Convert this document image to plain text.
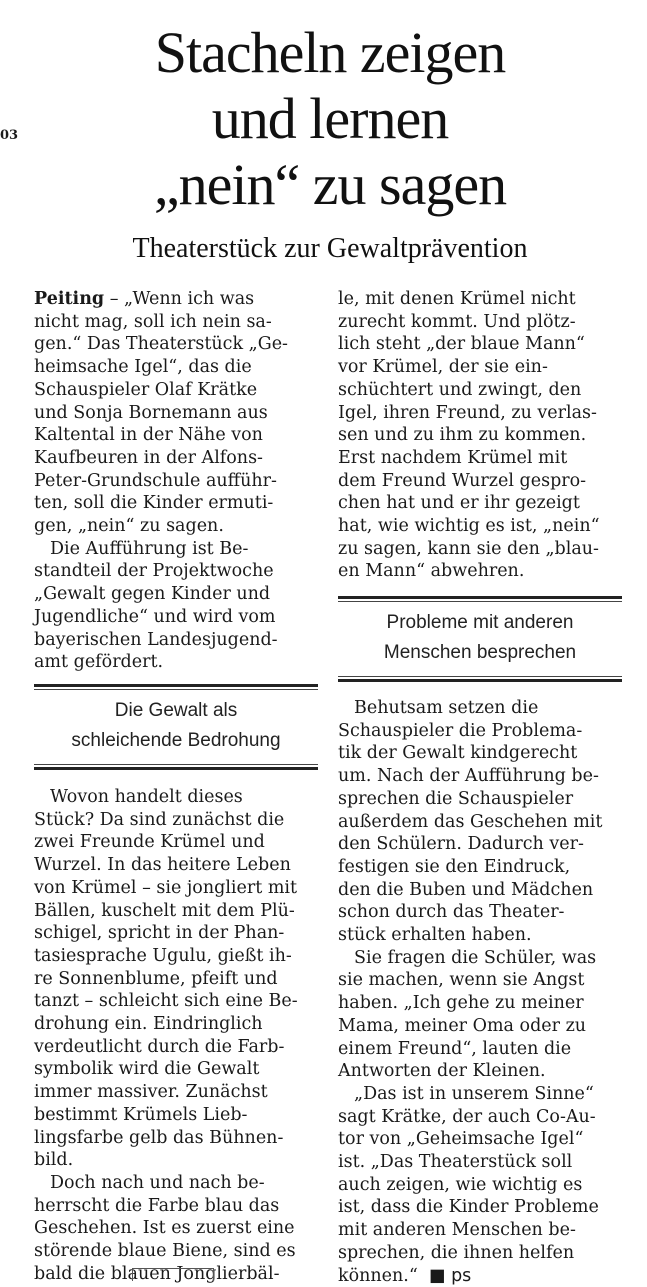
03
Stacheln zeigen
und lernen
„nein“ zu sagen
Theaterstück zur Gewaltprävention
Peiting – „Wenn ich was
nicht mag, soll ich nein sa-
gen.“ Das Theaterstück „Ge-
heimsache Igel“, das die
Schauspieler Olaf Krätke
und Sonja Bornemann aus
Kaltental in der Nähe von
Kaufbeuren in der Alfons-
Peter-Grundschule aufführ-
ten, soll die Kinder ermuti-
gen, „nein“ zu sagen.
Die Aufführung ist Be-
standteil der Projektwoche
„Gewalt gegen Kinder und
Jugendliche“ und wird vom
bayerischen Landesjugend-
amt gefördert.
Die Gewalt als
schleichende Bedrohung
Wovon handelt dieses
Stück? Da sind zunächst die
zwei Freunde Krümel und
Wurzel. In das heitere Leben
von Krümel – sie jongliert mit
Bällen, kuschelt mit dem Plü-
schigel, spricht in der Phan-
tasiesprache Ugulu, gießt ih-
re Sonnenblume, pfeift und
tanzt – schleicht sich eine Be-
drohung ein. Eindringlich
verdeutlicht durch die Farb-
symbolik wird die Gewalt
immer massiver. Zunächst
bestimmt Krümels Lieb-
lingsfarbe gelb das Bühnen-
bild.
Doch nach und nach be-
herrscht die Farbe blau das
Geschehen. Ist es zuerst eine
störende blaue Biene, sind es
bald die blauen Jonglierbäl-
le, mit denen Krümel nicht
zurecht kommt. Und plötz-
lich steht „der blaue Mann“
vor Krümel, der sie ein-
schüchtert und zwingt, den
Igel, ihren Freund, zu verlas-
sen und zu ihm zu kommen.
Erst nachdem Krümel mit
dem Freund Wurzel gespro-
chen hat und er ihr gezeigt
hat, wie wichtig es ist, „nein“
zu sagen, kann sie den „blau-
en Mann“ abwehren.
Probleme mit anderen
Menschen besprechen
Behutsam setzen die
Schauspieler die Problema-
tik der Gewalt kindgerecht
um. Nach der Aufführung be-
sprechen die Schauspieler
außerdem das Geschehen mit
den Schülern. Dadurch ver-
festigen sie den Eindruck,
den die Buben und Mädchen
schon durch das Theater-
stück erhalten haben.
Sie fragen die Schüler, was
sie machen, wenn sie Angst
haben. „Ich gehe zu meiner
Mama, meiner Oma oder zu
einem Freund“, lauten die
Antworten der Kleinen.
„Das ist in unserem Sinne“
sagt Krätke, der auch Co-Au-
tor von „Geheimsache Igel“
ist. „Das Theaterstück soll
auch zeigen, wie wichtig es
ist, dass die Kinder Probleme
mit anderen Menschen be-
sprechen, die ihnen helfen
können.“ ■ ps
